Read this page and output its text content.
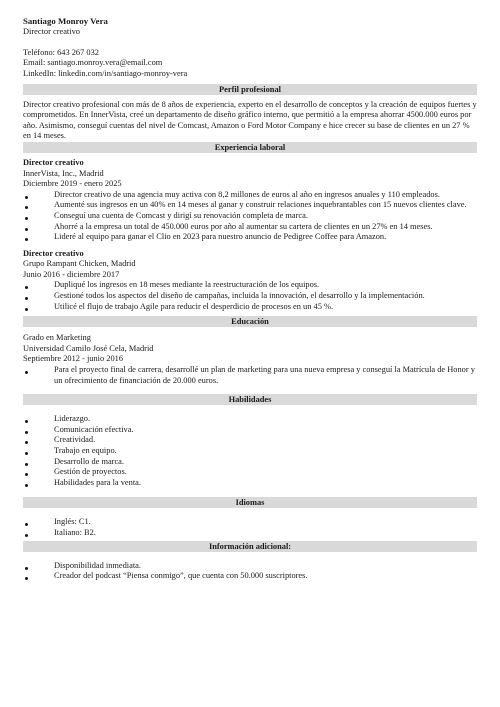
Santiago Monroy Vera
Director creativo
Teléfono: 643 267 032
Email: santiago.monroy.vera@email.com
LinkedIn: linkedin.com/in/santiago-monroy-vera
Perfil profesional

Director creativo profesional con más de 8 años de experiencia, experto en el desarrollo de conceptos y la creación de equipos fuertes y comprometidos. En InnerVista, creé un departamento de diseño gráfico interno, que permitió a la empresa ahorrar 4500.000 euros por año. Asimismo, conseguí cuentas del nivel de Comcast, Amazon o Ford Motor Company e hice crecer su base de clientes en un 27 % en 14 meses.

Experiencia laboral
Director creativo
InnerVista, Inc., Madrid
Diciembre 2019 - enero 2025
Director creativo de una agencia muy activa con 8,2 millones de euros al año en ingresos anuales y 110 empleados.
Aumenté sus ingresos en un 40% en 14 meses al ganar y construir relaciones inquebrantables con 15 nuevos clientes clave.
Conseguí una cuenta de Comcast y dirigí su renovación completa de marca.
Ahorré a la empresa un total de 450.000 euros por año al aumentar su cartera de clientes en un 27% en 14 meses.
Lideré al equipo para ganar el Clio en 2023 para nuestro anuncio de Pedigree Coffee para Amazon.
Director creativo
Grupo Rampant Chicken, Madrid
Junio 2016 - diciembre 2017
Dupliqué los ingresos en 18 meses mediante la reestructuración de los equipos.
Gestioné todos los aspectos del diseño de campañas, incluida la innovación, el desarrollo y la implementación.
Utilicé el flujo de trabajo Agile para reducir el desperdicio de procesos en un 45 %.
Educación
Grado en Marketing
Universidad Camilo José Cela, Madrid
Septiembre 2012 - junio 2016
Para el proyecto final de carrera, desarrollé un plan de marketing para una nueva empresa y conseguí la Matrícula de Honor y un ofrecimiento de financiación de 20.000 euros.
Habilidades
Liderazgo.
Comunicación efectiva.
Creatividad.
Trabajo en equipo.
Desarrollo de marca.
Gestión de proyectos.
Habilidades para la venta.
Idiomas
Inglés: C1.
Italiano: B2.
Información adicional:
Disponibilidad inmediata.
Creador del podcast “Piensa conmigo”, que cuenta con 50.000 suscriptores.
